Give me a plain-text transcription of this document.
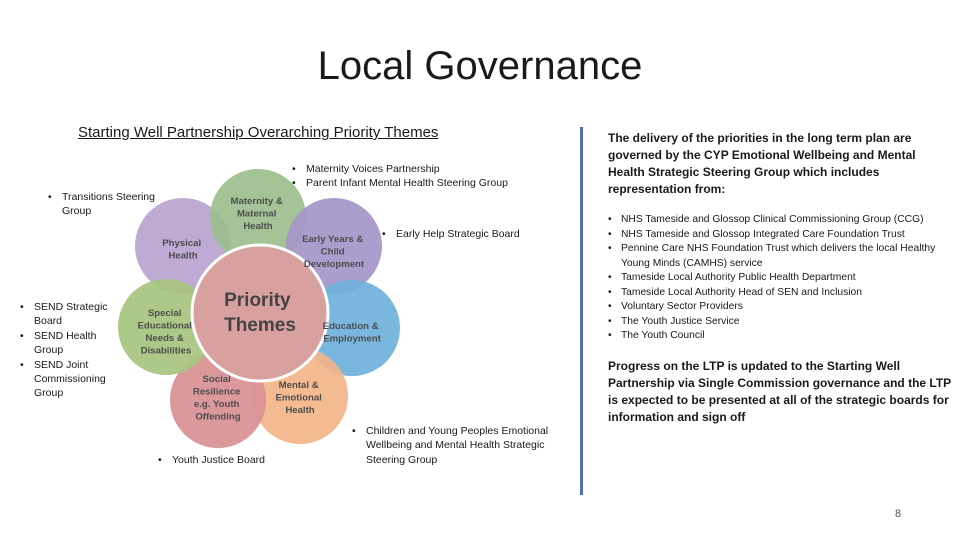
Local Governance
Starting Well Partnership Overarching Priority Themes
• Transitions Steering Group
• Maternity Voices Partnership
• Parent Infant Mental Health Steering Group
• Early Help Strategic Board
• SEND Strategic Board
• SEND Health Group
• SEND Joint Commissioning Group
• Youth Justice Board
• Children and Young Peoples Emotional Wellbeing and Mental Health Strategic Steering Group
Priority Themes
Physical Health
Maternity & Maternal Health
Early Years & Child Development
Education & Employment
Mental & Emotional Health
Social Resilience e.g. Youth Offending
Special Educational Needs & Disabilities
The delivery of the priorities in the long term plan are governed by the CYP Emotional Wellbeing and Mental Health Strategic Steering Group which includes representation from:
• NHS Tameside and Glossop Clinical Commissioning Group (CCG)
• NHS Tameside and Glossop Integrated Care Foundation Trust
• Pennine Care NHS Foundation Trust which delivers the local Healthy Young Minds (CAMHS) service
• Tameside Local Authority Public Health Department
• Tameside Local Authority Head of SEN and Inclusion
• Voluntary Sector Providers
• The Youth Justice Service
• The Youth Council
Progress on the LTP is updated to the Starting Well Partnership via Single Commission governance and the LTP is expected to be presented at all of the strategic boards for information and sign off
8
